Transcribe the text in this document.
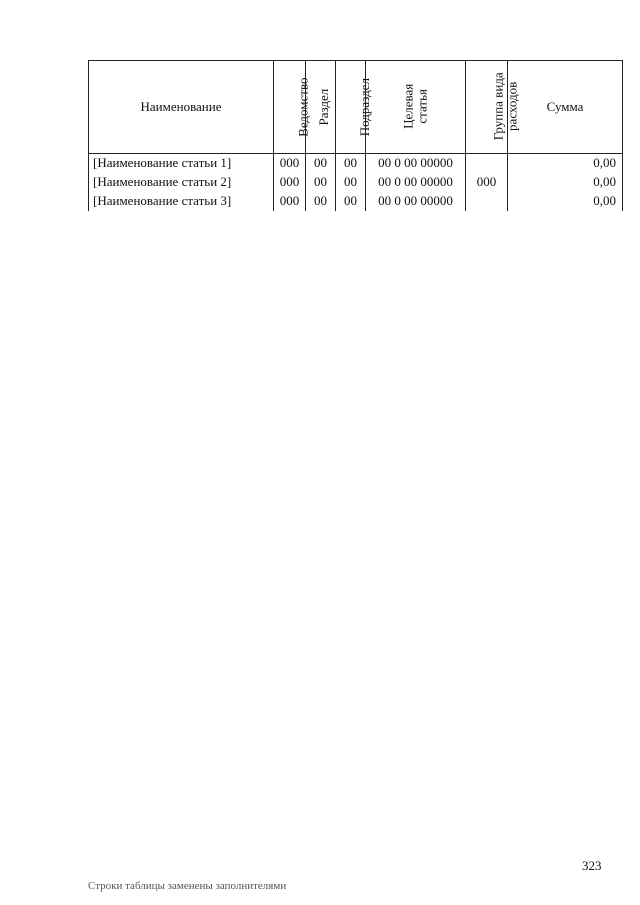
Наименование	Ведомство	Раздел	Подраздел	Целевая статья	Группа вида расходов	Сумма
[Наименование статьи 1]	000	00	00	00 0 00 00000		0,00
[Наименование статьи 2]	000	00	00	00 0 00 00000	000	0,00
[Наименование статьи 3]	000	00	00	00 0 00 00000		0,00
323
Строки таблицы заменены заполнителями
